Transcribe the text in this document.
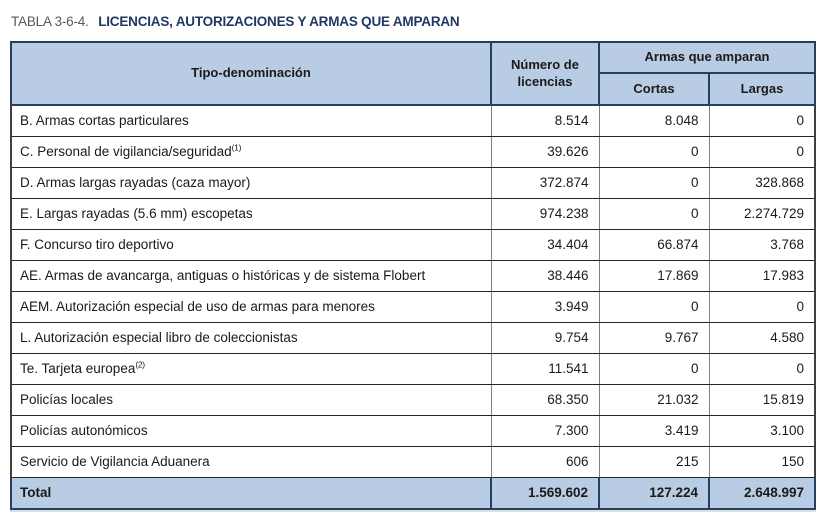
TABLA 3-6-4. LICENCIAS, AUTORIZACIONES Y ARMAS QUE AMPARAN
Tipo-denominación	Número de licencias	Armas que amparan	
		Cortas	Largas
B. Armas cortas particulares	8.514	8.048	0
C. Personal de vigilancia/seguridad$^{(1)}$	39.626	0	0
D. Armas largas rayadas (caza mayor)	372.874	0	328.868
E. Largas rayadas (5.6 mm) escopetas	974.238	0	2.274.729
F. Concurso tiro deportivo	34.404	66.874	3.768
AE. Armas de avancarga, antiguas o históricas y de sistema Flobert	38.446	17.869	17.983
AEM. Autorización especial de uso de armas para menores	3.949	0	0
L. Autorización especial libro de coleccionistas	9.754	9.767	4.580
Te. Tarjeta europea$^{(2)}$	11.541	0	0
Policías locales	68.350	21.032	15.819
Policías autonómicos	7.300	3.419	3.100
Servicio de Vigilancia Aduanera	606	215	150
Total	1.569.602	127.224	2.648.997
